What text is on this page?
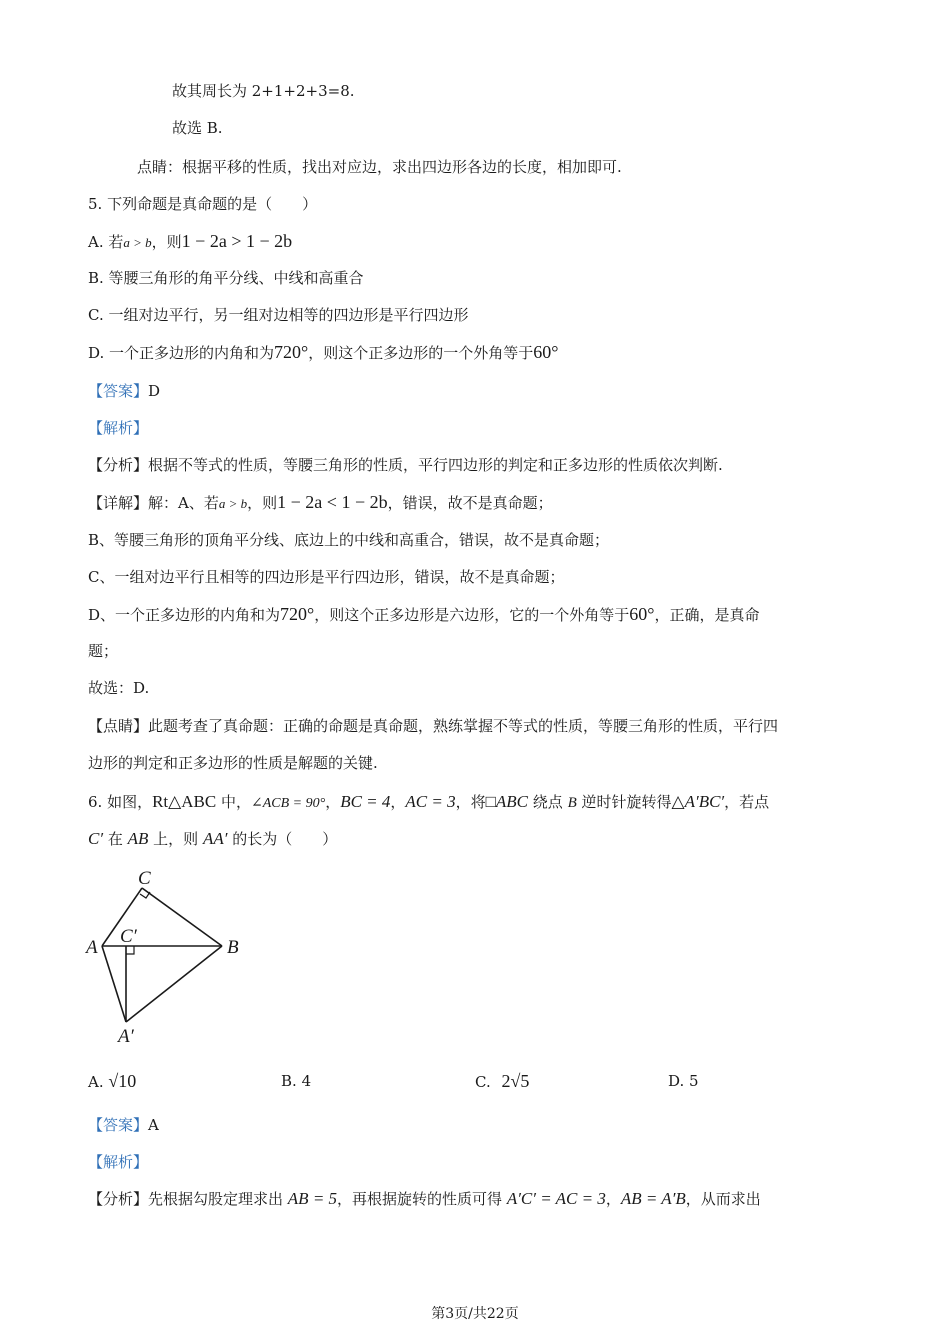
故其周长为 2+1+2+3=8.
故选 B.
点睛：根据平移的性质，找出对应边，求出四边形各边的长度，相加即可.
5. 下列命题是真命题的是（　　）
A. 若a > b，则1 − 2a > 1 − 2b
B. 等腰三角形的角平分线、中线和高重合
C. 一组对边平行，另一组对边相等的四边形是平行四边形
D. 一个正多边形的内角和为720°，则这个正多边形的一个外角等于60°
【答案】D
【解析】
【分析】根据不等式的性质，等腰三角形的性质，平行四边形的判定和正多边形的性质依次判断.
【详解】解：A、若a > b，则1 − 2a < 1 − 2b，错误，故不是真命题；
B、等腰三角形的顶角平分线、底边上的中线和高重合，错误，故不是真命题；
C、一组对边平行且相等的四边形是平行四边形，错误，故不是真命题；
D、一个正多边形的内角和为720°，则这个正多边形是六边形，它的一个外角等于60°，正确，是真命
题；
故选：D.
【点睛】此题考查了真命题：正确的命题是真命题，熟练掌握不等式的性质，等腰三角形的性质，平行四
边形的判定和正多边形的性质是解题的关键.
6. 如图，Rt△ABC 中，∠ACB = 90°，BC = 4，AC = 3，将□ABC 绕点 B 逆时针旋转得△A′BC′，若点
C′ 在 AB 上，则 AA′ 的长为（　　）
C
A
C′
B
A′
A. √10	B. 4	C. 2√5	D. 5
【答案】A
【解析】
【分析】先根据勾股定理求出 AB = 5，再根据旋转的性质可得 A′C′ = AC = 3，AB = A′B，从而求出
第3页/共22页
